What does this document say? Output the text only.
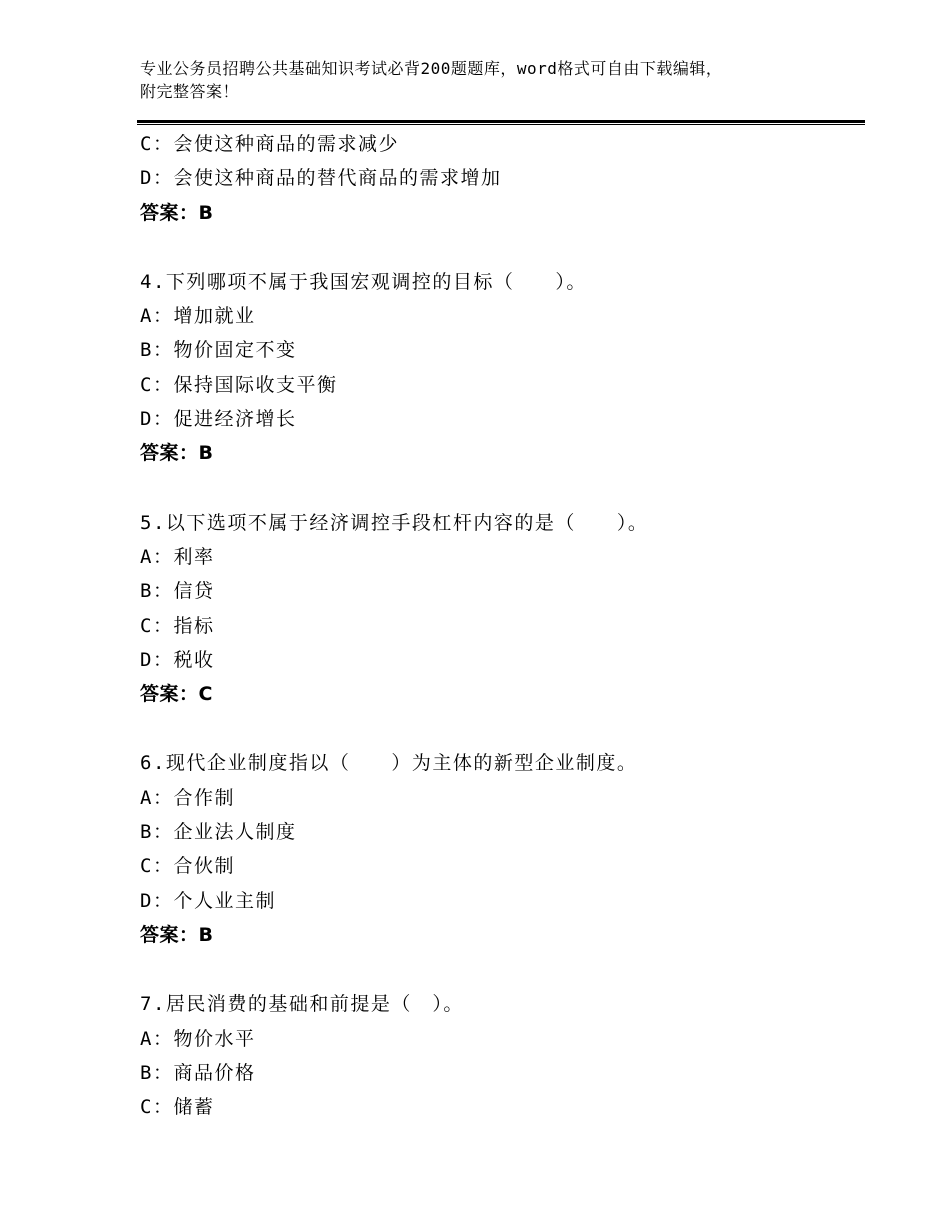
专业公务员招聘公共基础知识考试必背200题题库，word格式可自由下载编辑，
附完整答案！
C：会使这种商品的需求减少
D：会使这种商品的替代商品的需求增加
答案：B
4.下列哪项不属于我国宏观调控的目标（　　）。
A：增加就业
B：物价固定不变
C：保持国际收支平衡
D：促进经济增长
答案：B
5.以下选项不属于经济调控手段杠杆内容的是（　　）。
A：利率
B：信贷
C：指标
D：税收
答案：C
6.现代企业制度指以（　　）为主体的新型企业制度。
A：合作制
B：企业法人制度
C：合伙制
D：个人业主制
答案：B
7.居民消费的基础和前提是（　）。
A：物价水平
B：商品价格
C：储蓄
